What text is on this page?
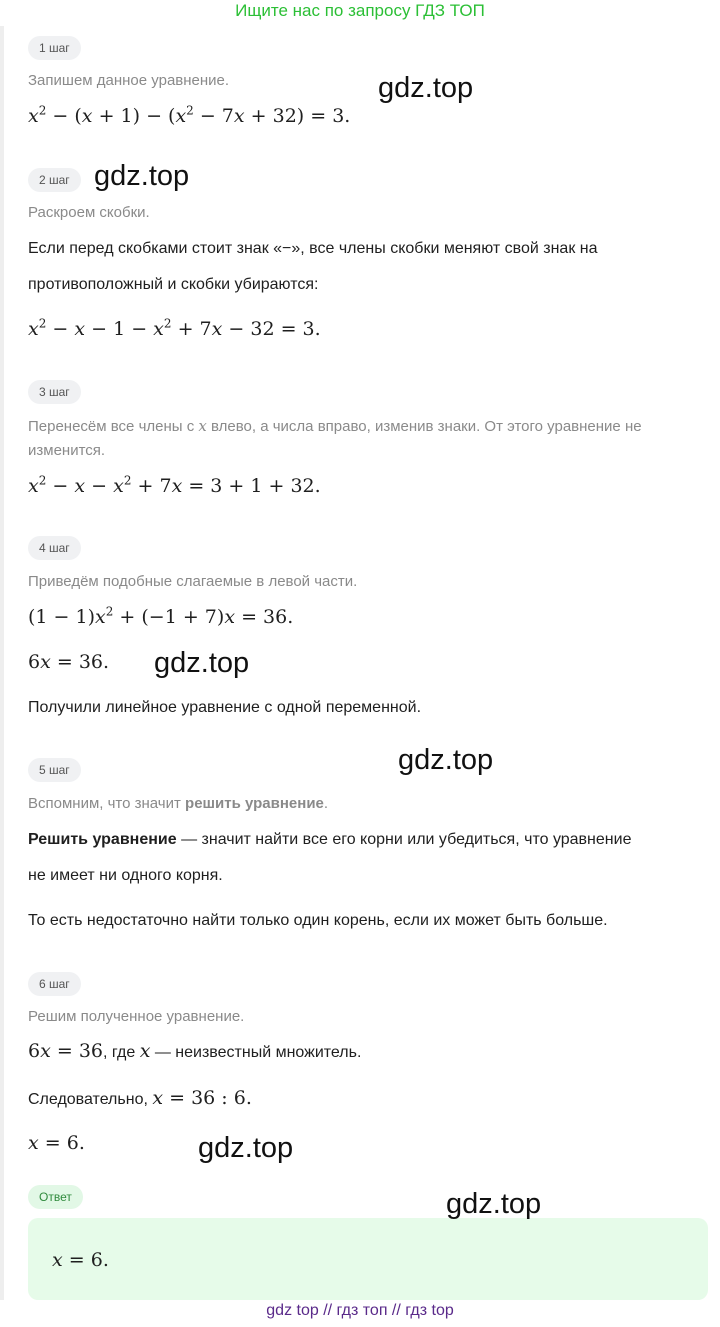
Ищите нас по запросу ГДЗ ТОП
1 шаг
Запишем данное уравнение.
$x^2 - (x + 1) - (x^2 - 7x + 32) = 3$.
2 шаг
Раскроем скобки.
Если перед скобками стоит знак «−», все члены скобки меняют свой знак на противоположный и скобки убираются:
$x^2 - x - 1 - x^2 + 7x - 32 = 3$.
3 шаг
Перенесём все члены с x влево, а числа вправо, изменив знаки. От этого уравнение не изменится.
$x^2 - x - x^2 + 7x = 3 + 1 + 32$.
4 шаг
Приведём подобные слагаемые в левой части.
$(1 - 1)x^2 + (-1 + 7)x = 36$.
6x = 36.
Получили линейное уравнение с одной переменной.
5 шаг
Вспомним, что значит решить уравнение.
Решить уравнение — значит найти все его корни или убедиться, что уравнение не имеет ни одного корня.
То есть недостаточно найти только один корень, если их может быть больше.
6 шаг
Решим полученное уравнение.
6x = 36, где x — неизвестный множитель.
Следовательно, x = 36 : 6.
x = 6.
Ответ
x = 6.
gdz.top
gdz.top
gdz.top
gdz.top
gdz.top
gdz.top
gdz top // гдз топ // гдз top
